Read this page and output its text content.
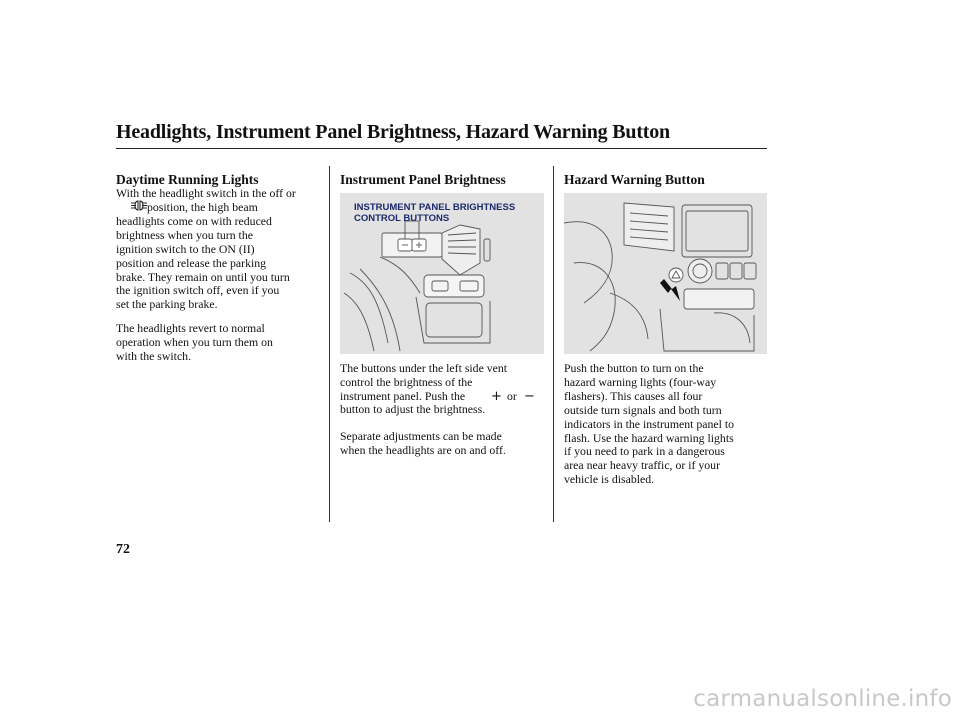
Headlights, Instrument Panel Brightness, Hazard Warning Button
Daytime Running Lights
With the headlight switch in the off or
position, the high beam
headlights come on with reduced
brightness when you turn the
ignition switch to the ON (II)
position and release the parking
brake. They remain on until you turn
the ignition switch off, even if you
set the parking brake.
The headlights revert to normal
operation when you turn them on
with the switch.
Instrument Panel Brightness
INSTRUMENT PANEL BRIGHTNESS
CONTROL BUTTONS
The buttons under the left side vent
control the brightness of the
instrument panel. Push the	+ or −
button to adjust the brightness.
Separate adjustments can be made
when the headlights are on and off.
Hazard Warning Button
Push the button to turn on the
hazard warning lights (four-way
flashers). This causes all four
outside turn signals and both turn
indicators in the instrument panel to
flash. Use the hazard warning lights
if you need to park in a dangerous
area near heavy traffic, or if your
vehicle is disabled.
72
carmanualsonline.info
